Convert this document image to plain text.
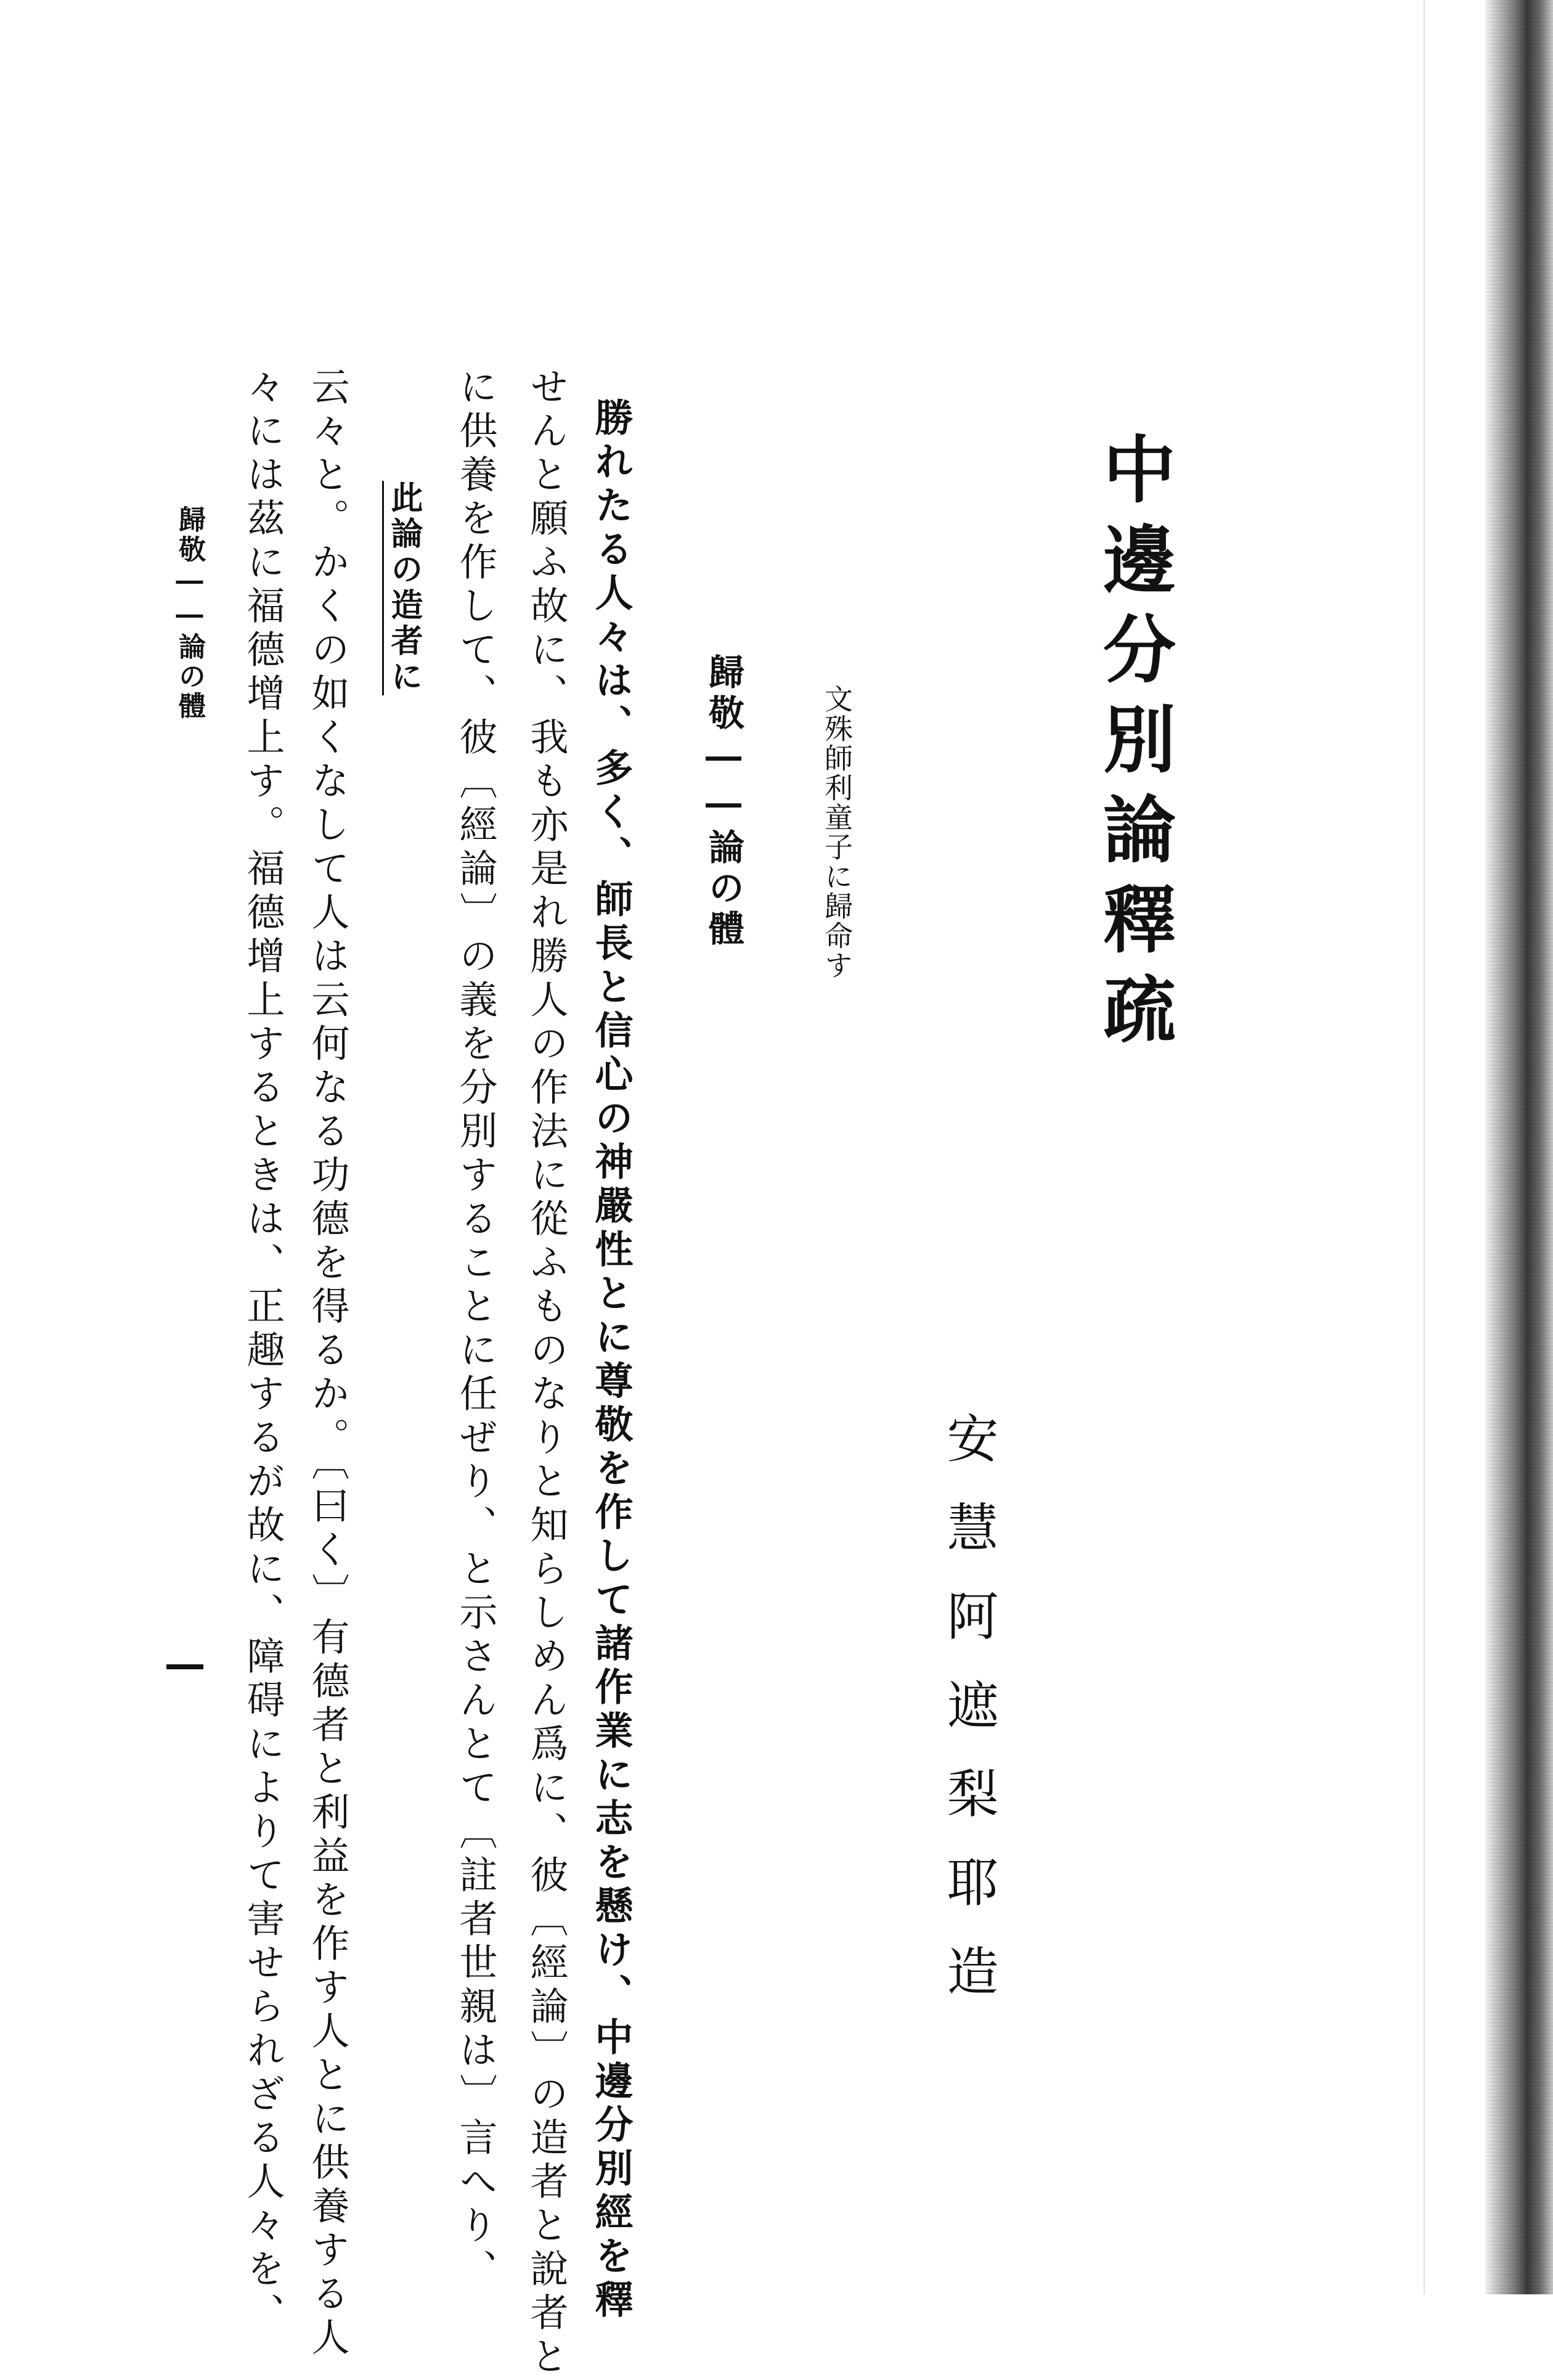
中邊分別論釋疏
安慧阿遮梨耶造
文殊師利童子に歸命す
歸敬――論の體
勝れたる人々は、多く、師長と信心の神嚴性とに尊敬を作して諸作業に志を懸け、中邊分別經を釋
せんと願ふ故に、我も亦是れ勝人の作法に從ふものなりと知らしめん爲に、彼〔經論〕の造者と說者と
に供養を作して、彼〔經論〕の義を分別することに任ぜり、と示さんとて〔註者世親は〕言へり、
此論の造者に
云々と。かくの如くなして人は云何なる功德を得るか。〔曰く〕有德者と利益を作す人とに供養する人
々には茲に福德增上す。福德增上するときは、正趣するが故に、障碍によりて害せられざる人々を、
歸敬――論の體
